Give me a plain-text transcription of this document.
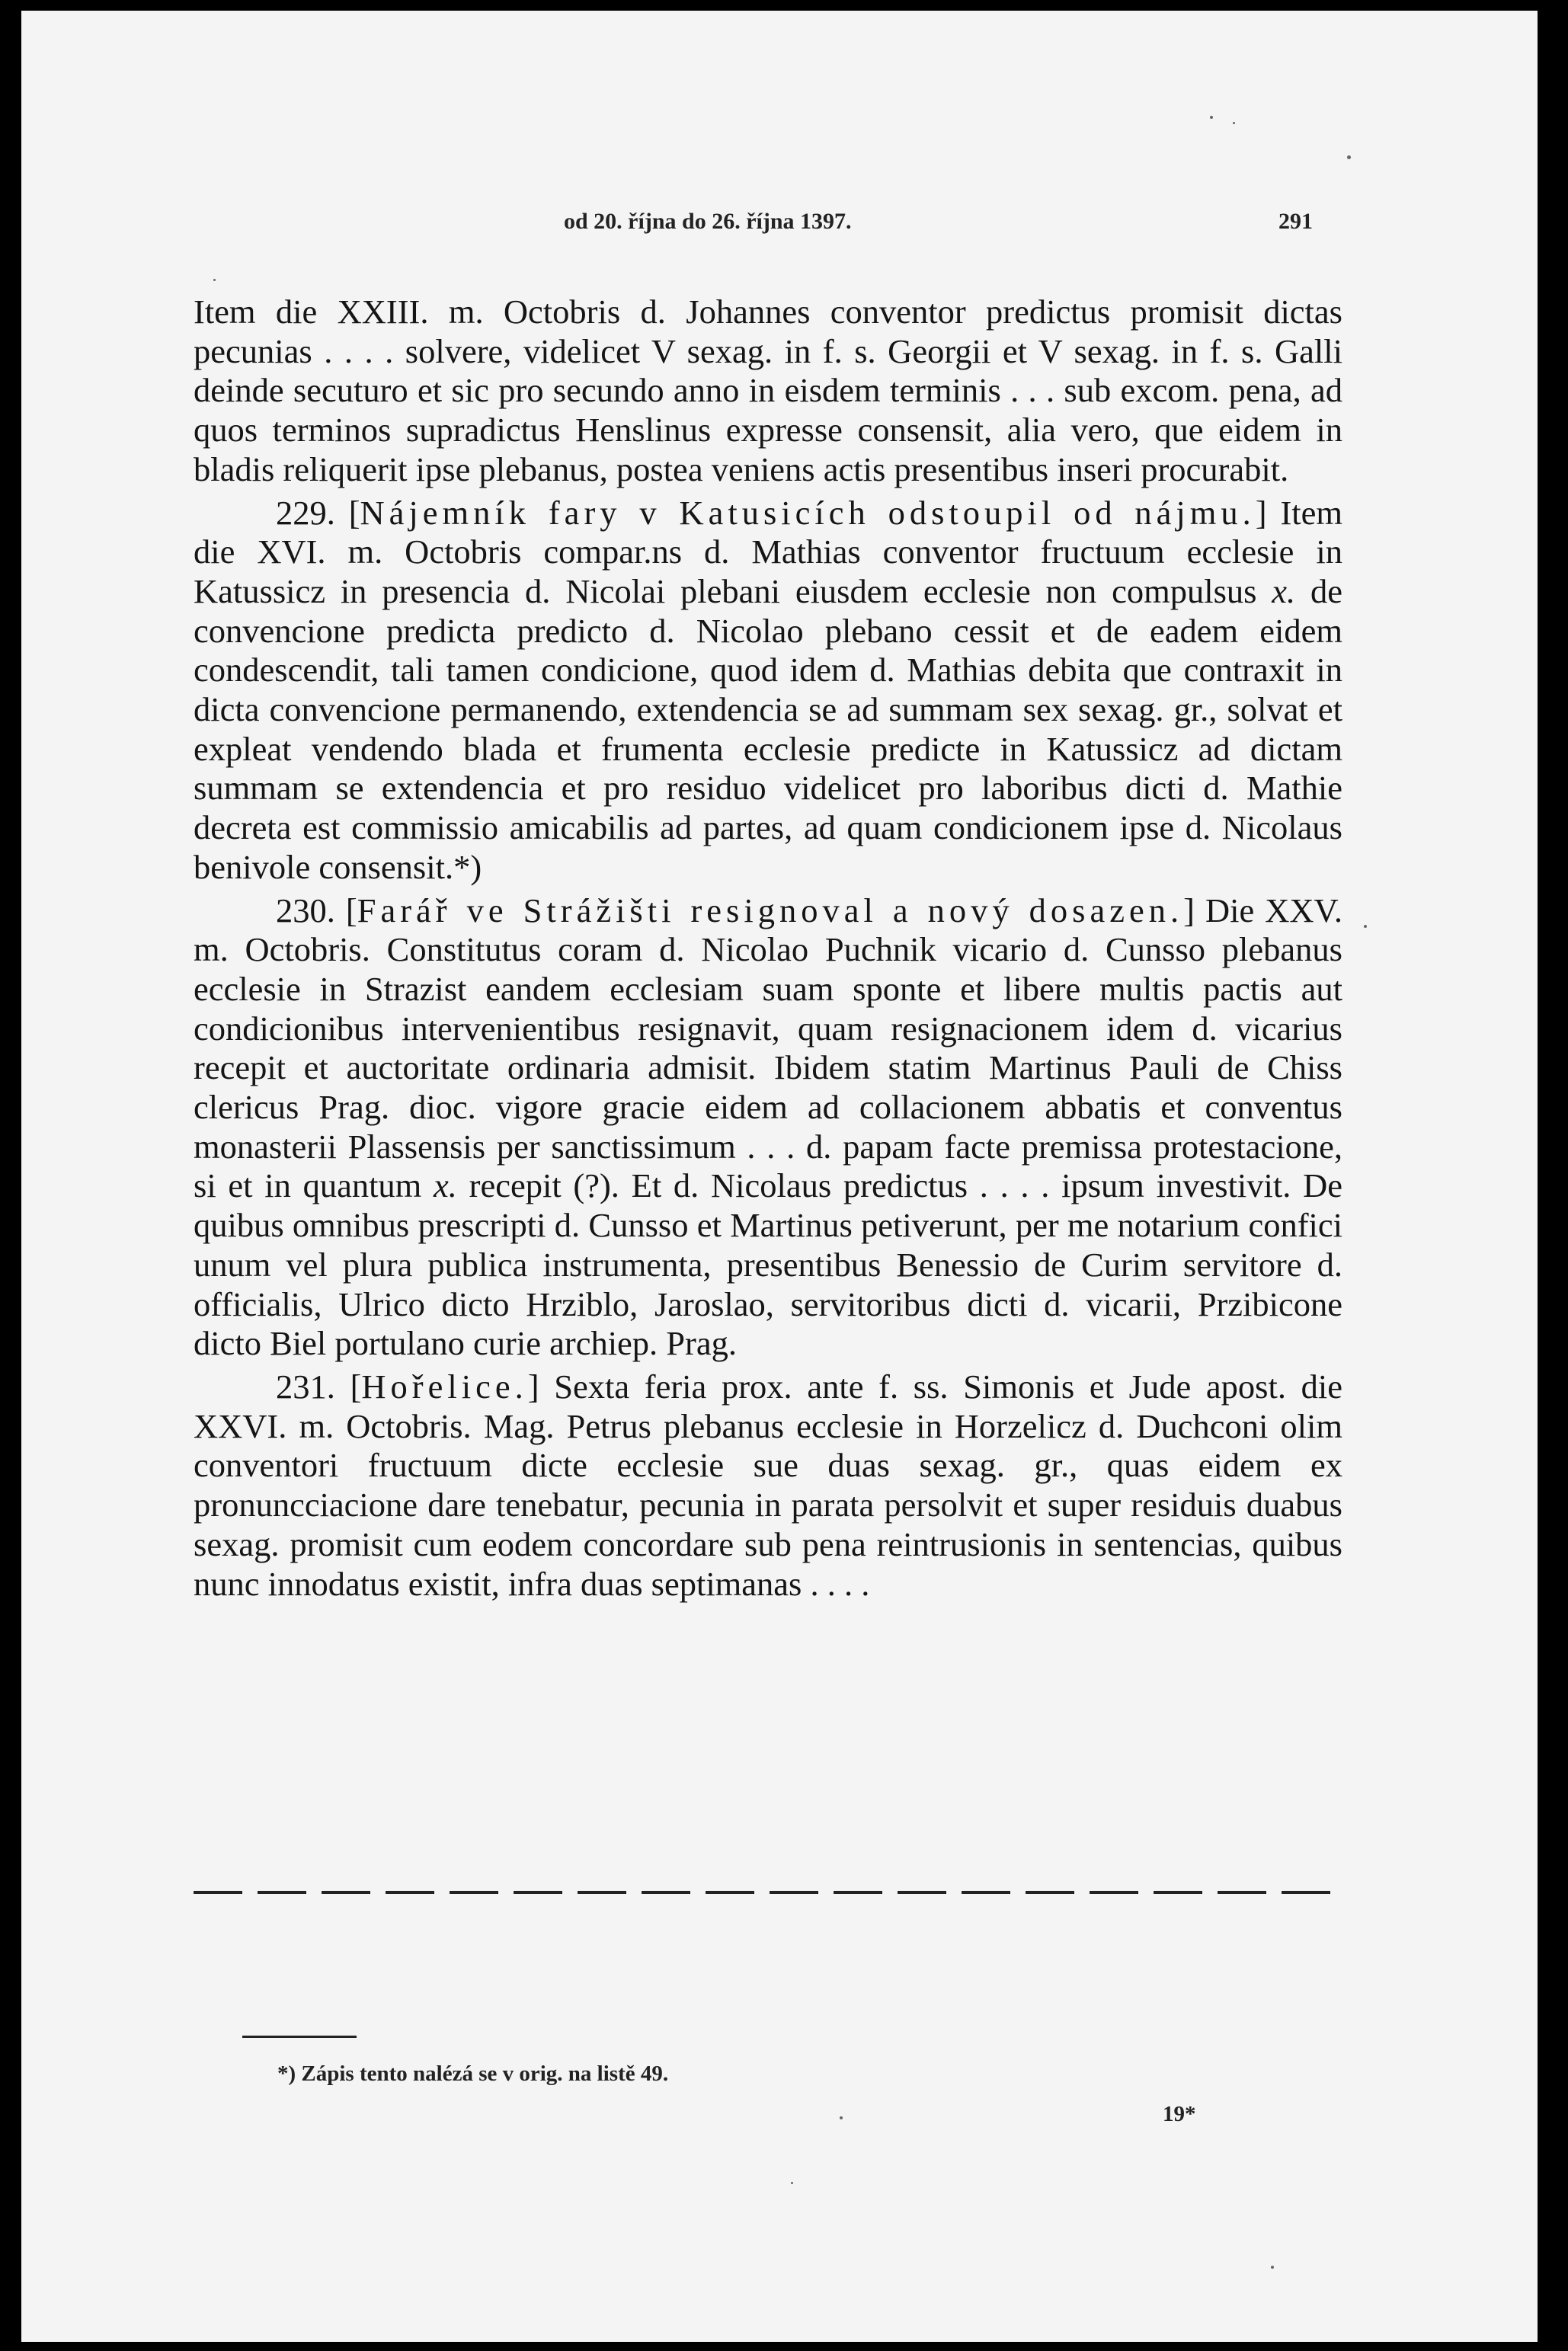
od 20. října do 26. října 1397.	291

Item die XXIII. m. Octobris d. Johannes conventor predictus promisit dictas pecunias . . . . solvere, videlicet V sexag. in f. s. Georgii et V sexag. in f. s. Galli deinde secuturo et sic pro secundo anno in eisdem terminis . . . sub excom. pena, ad quos terminos supradictus Henslinus expresse consensit, alia vero, que eidem in bladis reliquerit ipse plebanus, postea veniens actis presentibus inseri procurabit.

229. [Nájemník fary v Katusicích odstoupil od nájmu.] Item die XVI. m. Octobris compar.ns d. Mathias conventor fructuum ecclesie in Katussicz in presencia d. Nicolai plebani eiusdem ecclesie non compulsus x. de convencione predicta predicto d. Nicolao plebano cessit et de eadem eidem condescendit, tali tamen condicione, quod idem d. Mathias debita que contraxit in dicta convencione permanendo, extendencia se ad summam sex sexag. gr., solvat et expleat vendendo blada et frumenta ecclesie predicte in Katussicz ad dictam summam se extendencia et pro residuo videlicet pro laboribus dicti d. Mathie decreta est commissio amicabilis ad partes, ad quam condicionem ipse d. Nicolaus benivole consensit.*)

230. [Farář ve Strážišti resignoval a nový dosazen.] Die XXV. m. Octobris. Constitutus coram d. Nicolao Puchnik vicario d. Cunsso plebanus ecclesie in Strazist eandem ecclesiam suam sponte et libere multis pactis aut condicionibus intervenientibus resignavit, quam resignacionem idem d. vicarius recepit et auctoritate ordinaria admisit. Ibidem statim Martinus Pauli de Chiss clericus Prag. dioc. vigore gracie eidem ad collacionem abbatis et conventus monasterii Plassensis per sanctissimum . . . d. papam facte premissa protestacione, si et in quantum x. recepit (?). Et d. Nicolaus predictus . . . . ipsum investivit. De quibus omnibus prescripti d. Cunsso et Martinus petiverunt, per me notarium confici unum vel plura publica instrumenta, presentibus Benessio de Curim servitore d. officialis, Ulrico dicto Hrziblo, Jaroslao, servitoribus dicti d. vicarii, Przibicone dicto Biel portulano curie archiep. Prag.

231. [Hořelice.] Sexta feria prox. ante f. ss. Simonis et Jude apost. die XXVI. m. Octobris. Mag. Petrus plebanus ecclesie in Horzelicz d. Duchconi olim conventori fructuum dicte ecclesie sue duas sexag. gr., quas eidem ex pronuncciacione dare tenebatur, pecunia in parata persolvit et super residuis duabus sexag. promisit cum eodem concordare sub pena reintrusionis in sentencias, quibus nunc innodatus existit, infra duas septimanas . . . .

*) Zápis tento nalézá se v orig. na listě 49.
19*
